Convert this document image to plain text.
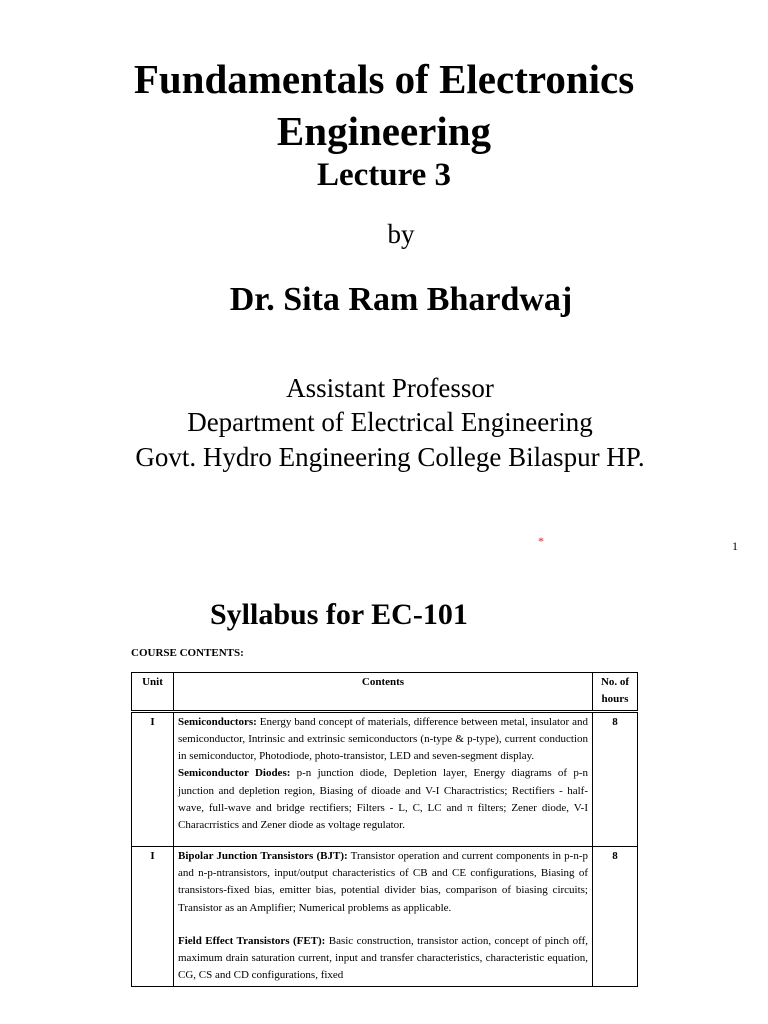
Fundamentals of Electronics
Engineering
Lecture 3
by
Dr. Sita Ram Bhardwaj
Assistant Professor
Department of Electrical Engineering
Govt. Hydro Engineering College Bilaspur HP.
*	1
Syllabus for EC-101
COURSE CONTENTS:
Unit	Contents	No. of hours
I	Semiconductors: Energy band concept of materials, difference between metal, insulator and semiconductor, Intrinsic and extrinsic semiconductors (n-type & p-type), current conduction in semiconductor, Photodiode, photo-transistor, LED and seven-segment display.
Semiconductor Diodes: p-n junction diode, Depletion layer, Energy diagrams of p-n junction and depletion region, Biasing of dioade and V-I Charactristics; Rectifiers - half-wave, full-wave and bridge rectifiers; Filters - L, C, LC and π filters; Zener diode, V-I Characrristics and Zener diode as voltage regulator.	8
I	Bipolar Junction Transistors (BJT): Transistor operation and current components in p-n-p and n-p-ntransistors, input/output characteristics of CB and CE configurations, Biasing of transistors-fixed bias, emitter bias, potential divider bias, comparison of biasing circuits; Transistor as an Amplifier; Numerical problems as applicable.
Field Effect Transistors (FET): Basic construction, transistor action, concept of pinch off, maximum drain saturation current, input and transfer characteristics, characteristic equation, CG, CS and CD configurations, fixed	8
